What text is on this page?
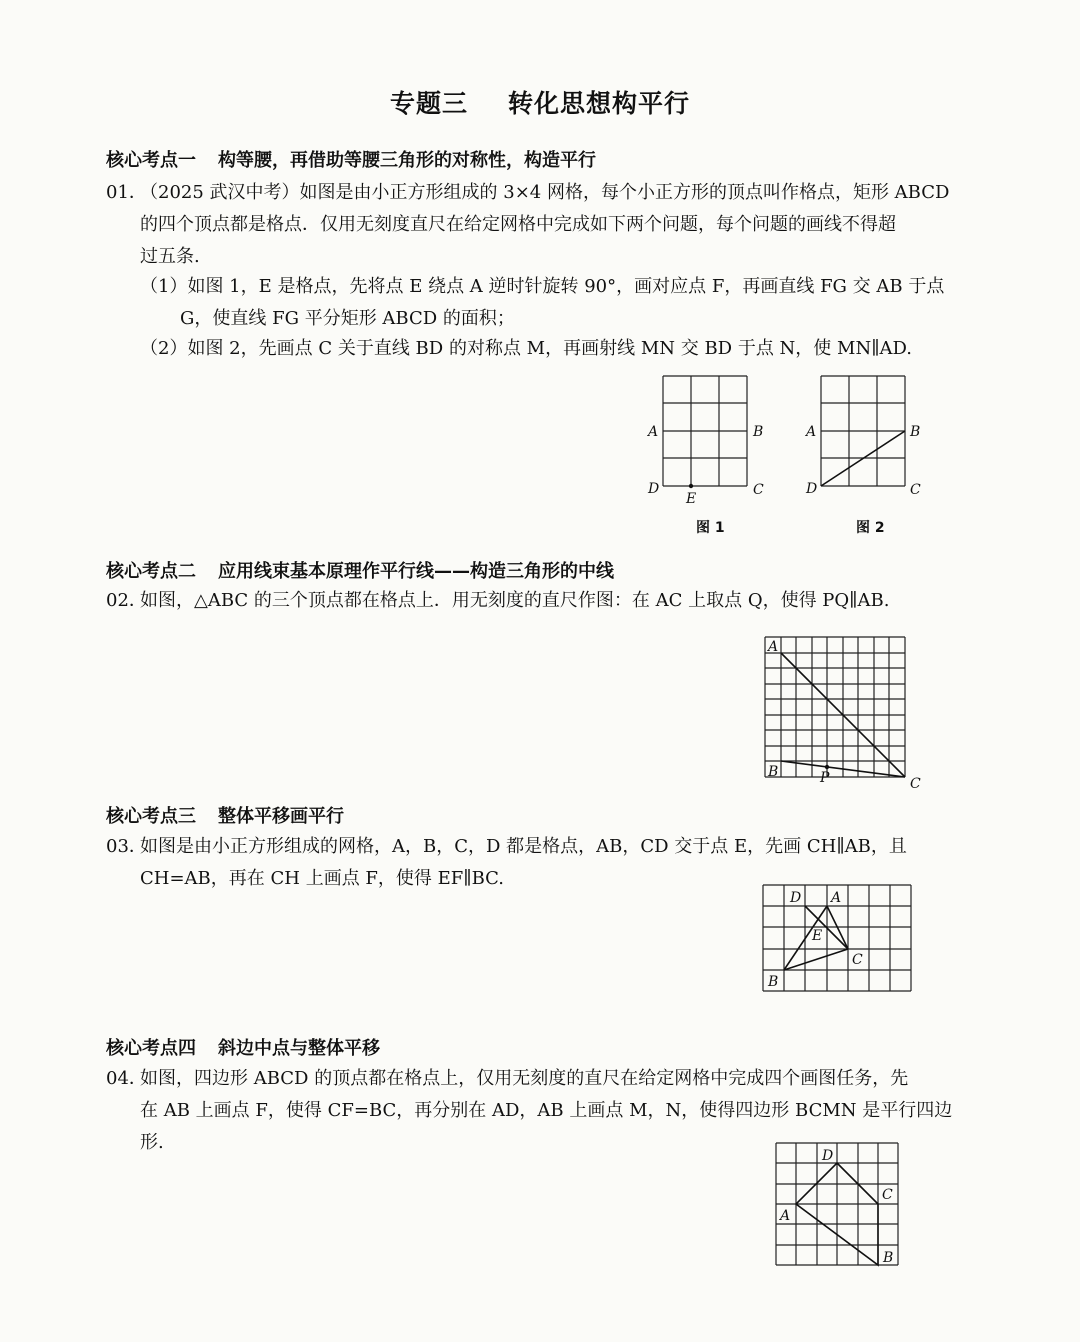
专题三 转化思想构平行
核心考点一 构等腰，再借助等腰三角形的对称性，构造平行
01．（2025 武汉中考）如图是由小正方形组成的 3×4 网格，每个小正方形的顶点叫作格点，矩形 ABCD
的四个顶点都是格点．仅用无刻度直尺在给定网格中完成如下两个问题，每个问题的画线不得超
过五条.
（1）如图 1，E 是格点，先将点 E 绕点 A 逆时针旋转 90°，画对应点 F，再画直线 FG 交 AB 于点
G，使直线 FG 平分矩形 ABCD 的面积；
（2）如图 2，先画点 C 关于直线 BD 的对称点 M，再画射线 MN 交 BD 于点 N，使 MN∥AD.
核心考点二 应用线束基本原理作平行线——构造三角形的中线
02．如图，△ABC 的三个顶点都在格点上．用无刻度的直尺作图：在 AC 上取点 Q，使得 PQ∥AB.
核心考点三 整体平移画平行
03．如图是由小正方形组成的网格，A，B，C，D 都是格点，AB，CD 交于点 E，先画 CH∥AB，且
CH=AB，再在 CH 上画点 F，使得 EF∥BC.
核心考点四 斜边中点与整体平移
04．如图，四边形 ABCD 的顶点都在格点上，仅用无刻度的直尺在给定网格中完成四个画图任务，先
在 AB 上画点 F，使得 CF=BC，再分别在 AD，AB 上画点 M，N，使得四边形 BCMN 是平行四边
形.
A	B
C
D
E
图 1
A	B
C
D
图 2
A
B
C
P
D A
E
C
B
D
C
A
B
